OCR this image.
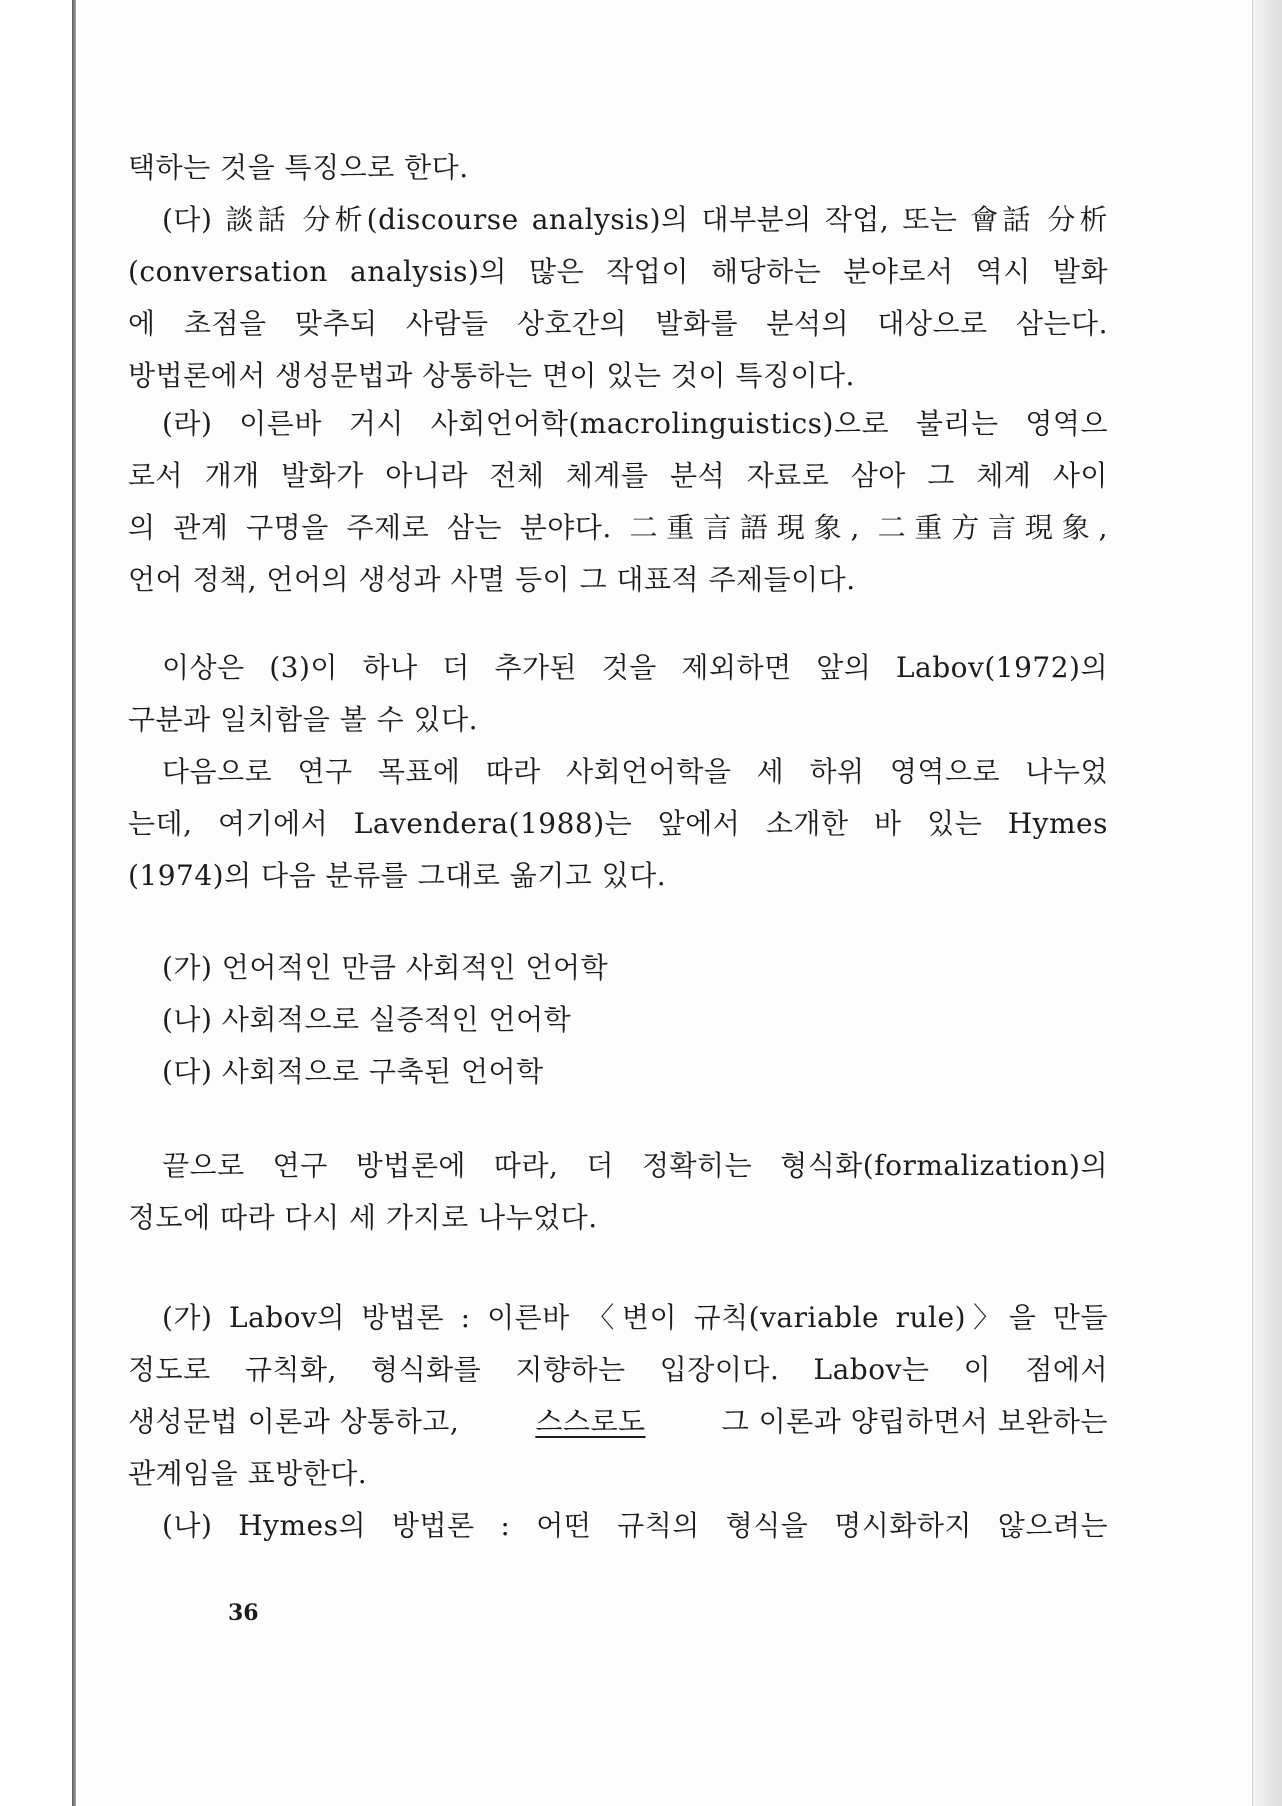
택하는 것을 특징으로 한다.
(다) 談話 分析(discourse analysis)의 대부분의 작업, 또는 會話 分析
(conversation analysis)의 많은 작업이 해당하는 분야로서 역시 발화
에 초점을 맞추되 사람들 상호간의 발화를 분석의 대상으로 삼는다.
방법론에서 생성문법과 상통하는 면이 있는 것이 특징이다.
(라) 이른바 거시 사회언어학(macrolinguistics)으로 불리는 영역으
로서 개개 발화가 아니라 전체 체계를 분석 자료로 삼아 그 체계 사이
의 관계 구명을 주제로 삼는 분야다. 二重言語現象, 二重方言現象,
언어 정책, 언어의 생성과 사멸 등이 그 대표적 주제들이다.
이상은 (3)이 하나 더 추가된 것을 제외하면 앞의 Labov(1972)의
구분과 일치함을 볼 수 있다.
다음으로 연구 목표에 따라 사회언어학을 세 하위 영역으로 나누었
는데, 여기에서 Lavendera(1988)는 앞에서 소개한 바 있는 Hymes
(1974)의 다음 분류를 그대로 옮기고 있다.
(가) 언어적인 만큼 사회적인 언어학
(나) 사회적으로 실증적인 언어학
(다) 사회적으로 구축된 언어학
끝으로 연구 방법론에 따라, 더 정확히는 형식화(formalization)의
정도에 따라 다시 세 가지로 나누었다.
(가) Labov의 방법론 : 이른바 〈변이 규칙(variable rule)〉을 만들
정도로 규칙화, 형식화를 지향하는 입장이다. Labov는 이 점에서
생성문법 이론과 상통하고,	스스로도	그 이론과 양립하면서 보완하는
관계임을 표방한다.
(나) Hymes의 방법론 : 어떤 규칙의 형식을 명시화하지 않으려는
36
